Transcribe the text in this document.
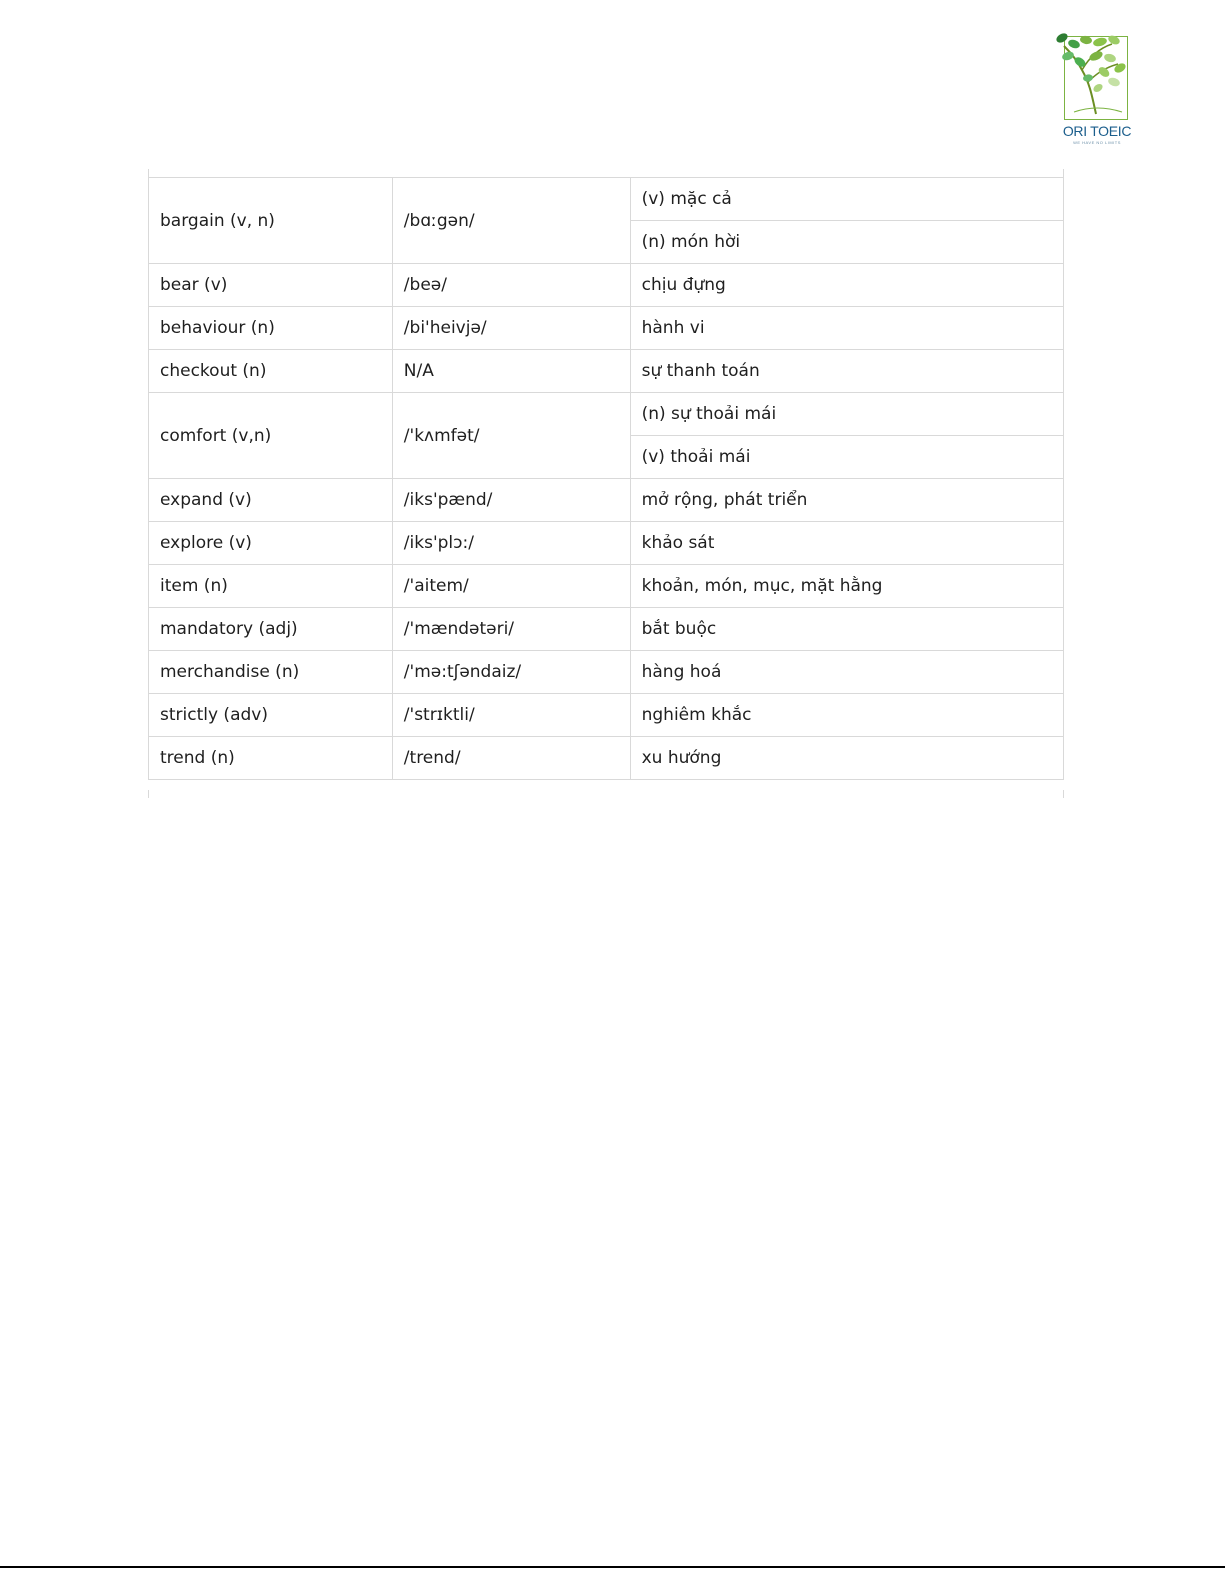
ORI TOEIC
WE HAVE NO LIMITS
bargain (v, n)	/bɑːgən/	(v) mặc cả
		(n) món hời
bear (v)	/beə/	chịu đựng
behaviour (n)	/bi'heivjə/	hành vi
checkout (n)	N/A	sự thanh toán
comfort (v,n)	/'kʌmfət/	(n) sự thoải mái
		(v) thoải mái
expand (v)	/iks'pænd/	mở rộng, phát triển
explore (v)	/iks'plɔ:/	khảo sát
item (n)	/'aitem/	khoản, món, mục, mặt hằng
mandatory (adj)	/'mændətəri/	bắt buộc
merchandise (n)	/'mə:tʃəndaiz/	hàng hoá
strictly (adv)	/'strɪktli/	nghiêm khắc
trend (n)	/trend/	xu hướng
